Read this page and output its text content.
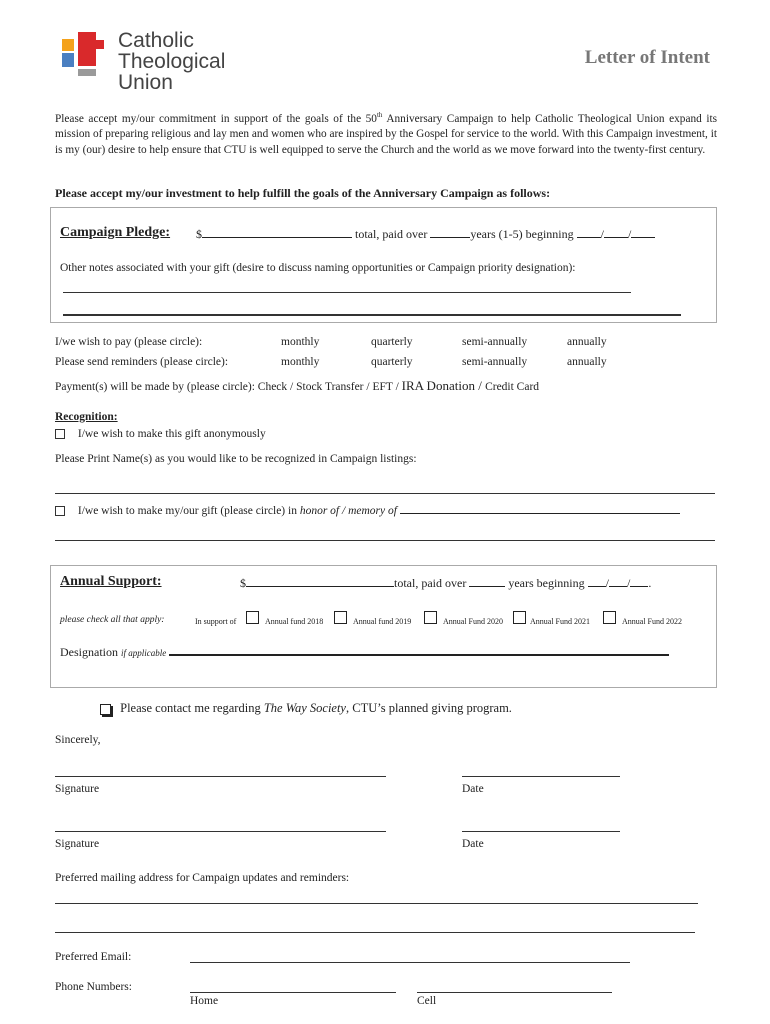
Catholic
Theological
Union
Letter of Intent
Please accept my/our commitment in support of the goals of the 50th Anniversary Campaign to help Catholic Theological Union expand its mission of preparing religious and lay men and women who are inspired by the Gospel for service to the world. With this Campaign investment, it is my (our) desire to help ensure that CTU is well equipped to serve the Church and the world as we move forward into the twenty-first century.
Please accept my/our investment to help fulfill the goals of the Anniversary Campaign as follows:
Campaign Pledge: $	total, paid over	years (1-5) beginning / /
Other notes associated with your gift (desire to discuss naming opportunities or Campaign priority designation):
I/we wish to pay (please circle):	monthly	quarterly	semi-annually	annually
Please send reminders (please circle):	monthly	quarterly	semi-annually	annually
Payment(s) will be made by (please circle): Check / Stock Transfer / EFT / IRA Donation / Credit Card
Recognition:
I/we wish to make this gift anonymously
Please Print Name(s) as you would like to be recognized in Campaign listings:
I/we wish to make my/our gift (please circle) in honor of / memory of
Annual Support:	$	total, paid over	years beginning / / .
please check all that apply:	In support of	Annual fund 2018	Annual fund 2019	Annual Fund 2020	Annual Fund 2021	Annual Fund 2022
Designation if applicable
Please contact me regarding The Way Society, CTU’s planned giving program.
Sincerely,
Signature	Date
Signature	Date
Preferred mailing address for Campaign updates and reminders:
Preferred Email:
Phone Numbers:
Home	Cell
